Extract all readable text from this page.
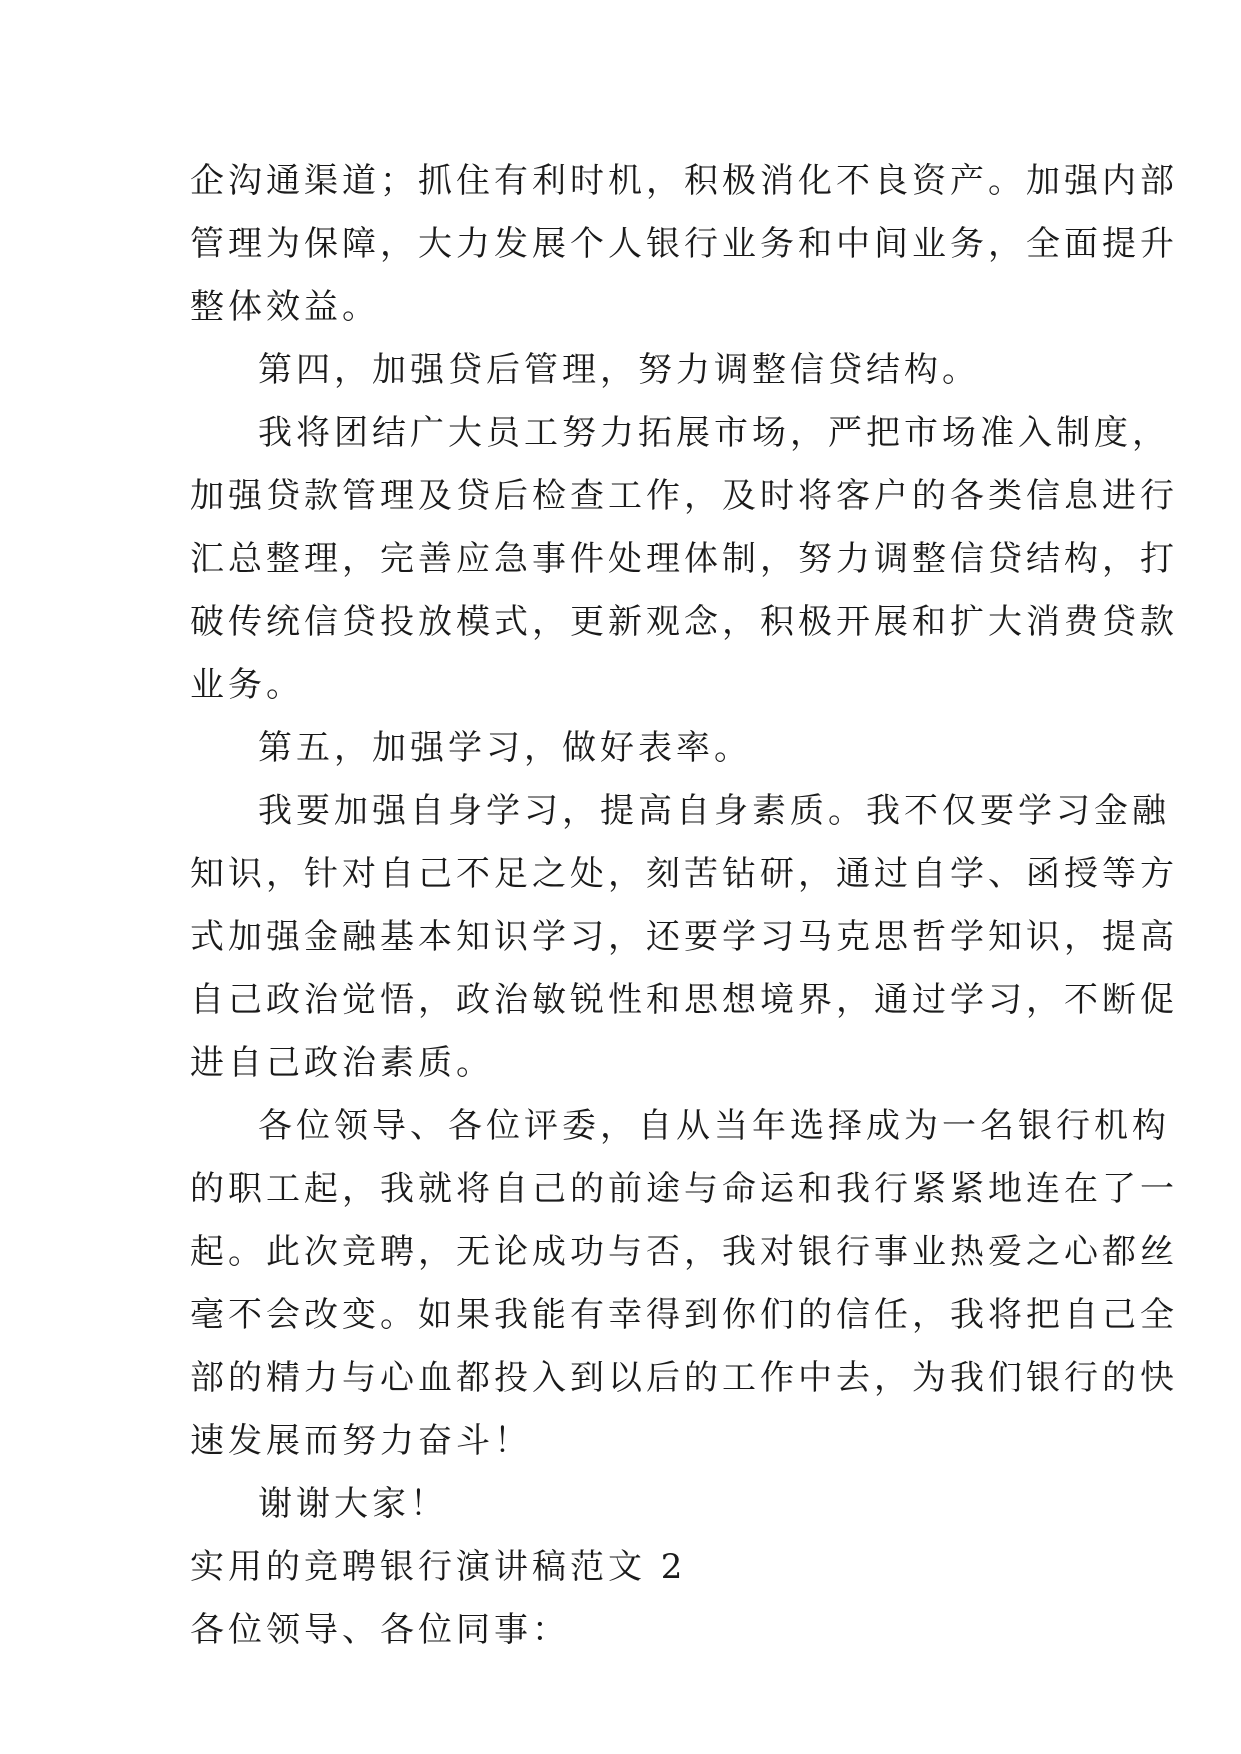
企沟通渠道；抓住有利时机，积极消化不良资产。加强内部
管理为保障，大力发展个人银行业务和中间业务，全面提升
整体效益。
第四，加强贷后管理，努力调整信贷结构。
我将团结广大员工努力拓展市场，严把市场准入制度，
加强贷款管理及贷后检查工作，及时将客户的各类信息进行
汇总整理，完善应急事件处理体制，努力调整信贷结构，打
破传统信贷投放模式，更新观念，积极开展和扩大消费贷款
业务。
第五，加强学习，做好表率。
我要加强自身学习，提高自身素质。我不仅要学习金融
知识，针对自己不足之处，刻苦钻研，通过自学、函授等方
式加强金融基本知识学习，还要学习马克思哲学知识，提高
自己政治觉悟，政治敏锐性和思想境界，通过学习，不断促
进自己政治素质。
各位领导、各位评委，自从当年选择成为一名银行机构
的职工起，我就将自己的前途与命运和我行紧紧地连在了一
起。此次竞聘，无论成功与否，我对银行事业热爱之心都丝
毫不会改变。如果我能有幸得到你们的信任，我将把自己全
部的精力与心血都投入到以后的工作中去，为我们银行的快
速发展而努力奋斗！
谢谢大家！
实用的竞聘银行演讲稿范文 2
各位领导、各位同事：
